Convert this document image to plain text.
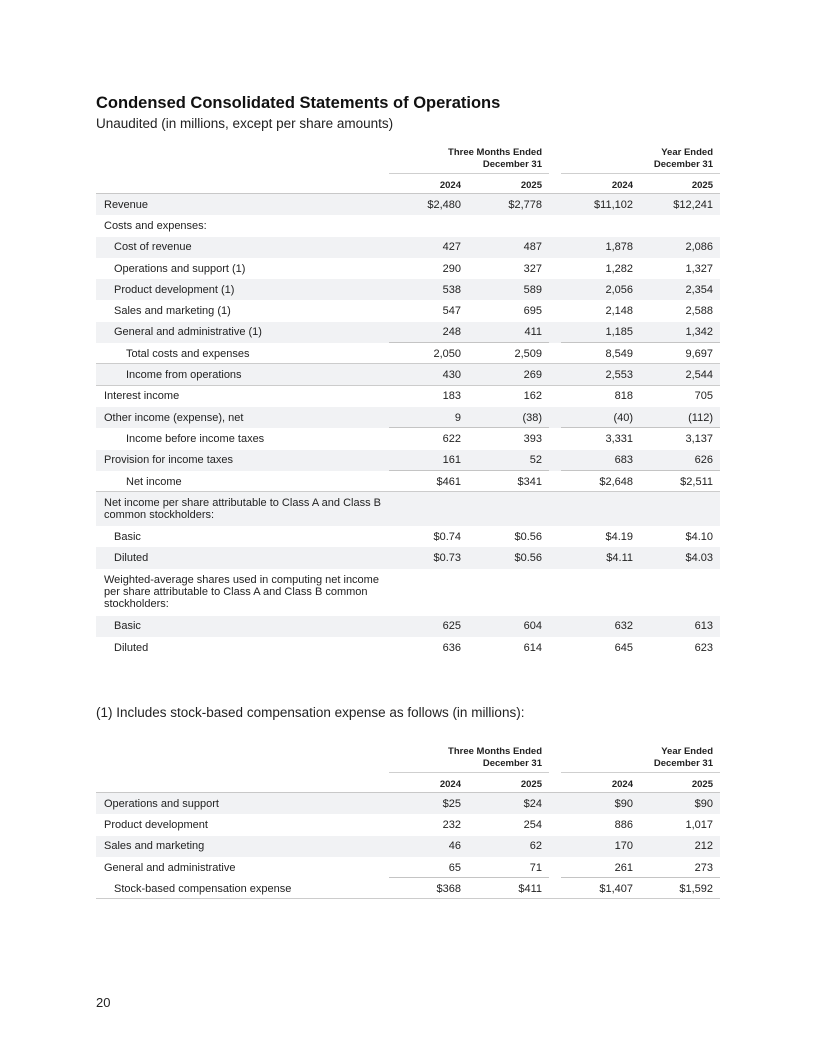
Condensed Consolidated Statements of Operations
Unaudited (in millions, except per share amounts)
Three Months Ended
December 31
Year Ended
December 31
2024	2025	2024	2025
Revenue	$2,480	$2,778	$11,102	$12,241
Costs and expenses:
Cost of revenue	427	487	1,878	2,086
Operations and support (1)	290	327	1,282	1,327
Product development (1)	538	589	2,056	2,354
Sales and marketing (1)	547	695	2,148	2,588
General and administrative (1)	248	411	1,185	1,342
Total costs and expenses	2,050	2,509	8,549	9,697
Income from operations	430	269	2,553	2,544
Interest income	183	162	818	705
Other income (expense), net	9	(38)	(40)	(112)
Income before income taxes	622	393	3,331	3,137
Provision for income taxes	161	52	683	626
Net income	$461	$341	$2,648	$2,511
Net income per share attributable to Class A and Class B common stockholders:
Basic	$0.74	$0.56	$4.19	$4.10
Diluted	$0.73	$0.56	$4.11	$4.03
Weighted-average shares used in computing net income per share attributable to Class A and Class B common stockholders:
Basic	625	604	632	613
Diluted	636	614	645	623
(1) Includes stock-based compensation expense as follows (in millions):
Three Months Ended
December 31
Year Ended
December 31
2024	2025	2024	2025
Operations and support	$25	$24	$90	$90
Product development	232	254	886	1,017
Sales and marketing	46	62	170	212
General and administrative	65	71	261	273
Stock-based compensation expense	$368	$411	$1,407	$1,592
20
